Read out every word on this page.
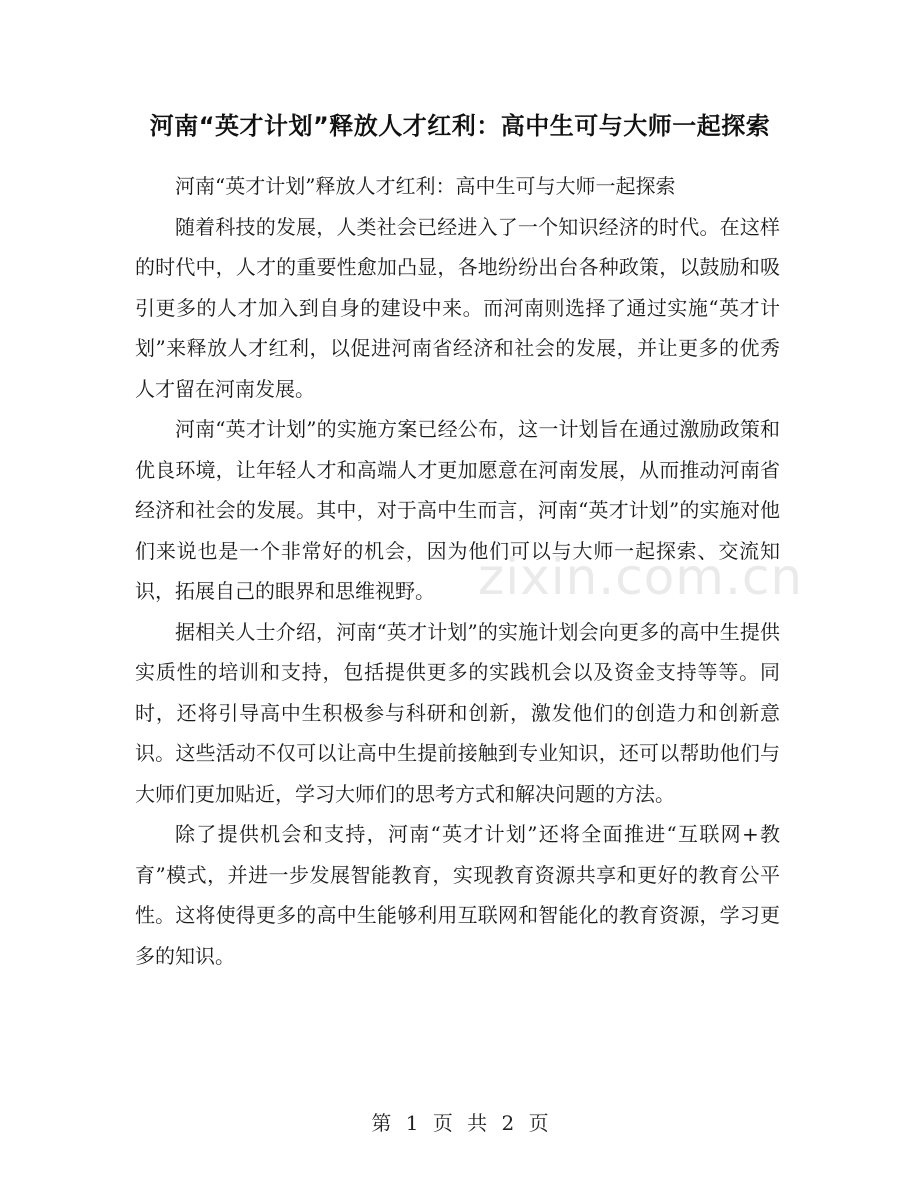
河南“英才计划”释放人才红利：高中生可与大师一起探索

河南“英才计划”释放人才红利：高中生可与大师一起探索

随着科技的发展，人类社会已经进入了一个知识经济的时代。在这样的时代中，人才的重要性愈加凸显，各地纷纷出台各种政策，以鼓励和吸引更多的人才加入到自身的建设中来。而河南则选择了通过实施“英才计划”来释放人才红利，以促进河南省经济和社会的发展，并让更多的优秀人才留在河南发展。

河南“英才计划”的实施方案已经公布，这一计划旨在通过激励政策和优良环境，让年轻人才和高端人才更加愿意在河南发展，从而推动河南省经济和社会的发展。其中，对于高中生而言，河南“英才计划”的实施对他们来说也是一个非常好的机会，因为他们可以与大师一起探索、交流知识，拓展自己的眼界和思维视野。

据相关人士介绍，河南“英才计划”的实施计划会向更多的高中生提供实质性的培训和支持，包括提供更多的实践机会以及资金支持等等。同时，还将引导高中生积极参与科研和创新，激发他们的创造力和创新意识。这些活动不仅可以让高中生提前接触到专业知识，还可以帮助他们与大师们更加贴近，学习大师们的思考方式和解决问题的方法。

除了提供机会和支持，河南“英才计划”还将全面推进“互联网+教育”模式，并进一步发展智能教育，实现教育资源共享和更好的教育公平性。这将使得更多的高中生能够利用互联网和智能化的教育资源，学习更多的知识。

zixin.com.cn
第 1 页 共 2 页
